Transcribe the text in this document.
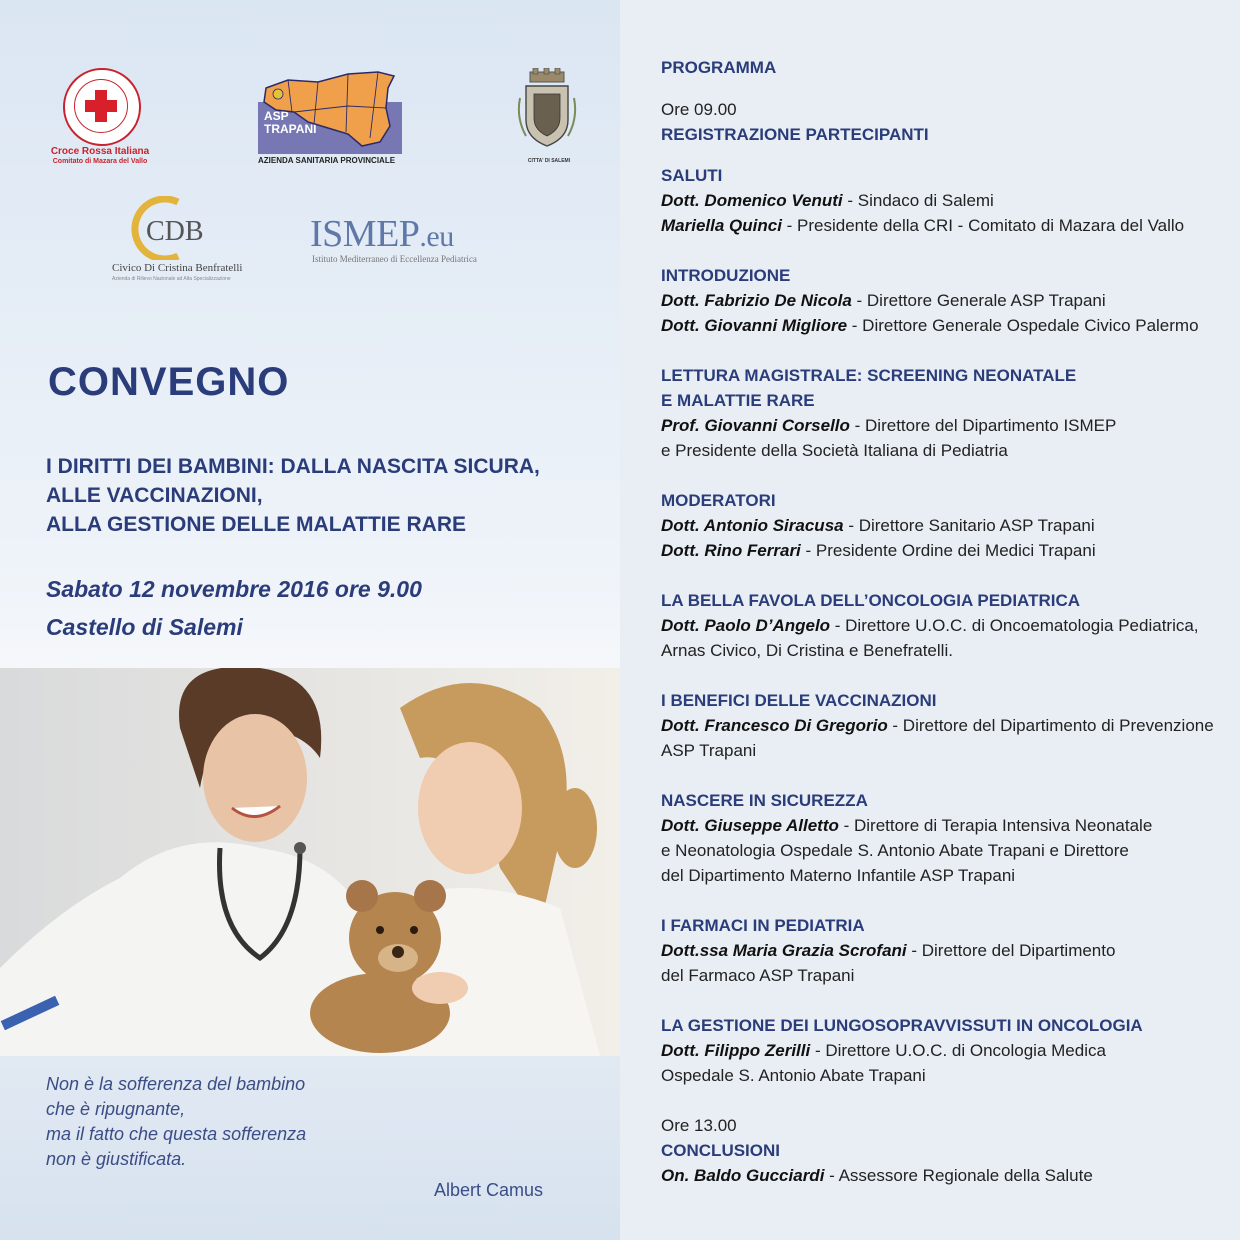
Croce Rossa Italiana
Comitato di Mazara del Vallo
ASP
TRAPANI
AZIENDA SANITARIA PROVINCIALE	CITTA' DI SALEMI
CDB
Civico Di Cristina Benfratelli
Azienda di Rilievo Nazionale ad Alta Specializzazione
ISMEP.eu
Istituto Mediterraneo di Eccellenza Pediatrica
CONVEGNO
I DIRITTI DEI BAMBINI: DALLA NASCITA SICURA,
ALLE VACCINAZIONI,
ALLA GESTIONE DELLE MALATTIE RARE
Sabato 12 novembre 2016 ore 9.00
Castello di Salemi
Non è la sofferenza del bambino
che è ripugnante,
ma il fatto che questa sofferenza
non è giustificata.
Albert Camus
PROGRAMMA
Ore 09.00
REGISTRAZIONE PARTECIPANTI
SALUTI
Dott. Domenico Venuti - Sindaco di Salemi
Mariella Quinci - Presidente della CRI - Comitato di Mazara del Vallo
INTRODUZIONE
Dott. Fabrizio De Nicola - Direttore Generale ASP Trapani
Dott. Giovanni Migliore - Direttore Generale Ospedale Civico Palermo
LETTURA MAGISTRALE: SCREENING NEONATALE
E MALATTIE RARE
Prof. Giovanni Corsello - Direttore del Dipartimento ISMEP
e Presidente della Società Italiana di Pediatria
MODERATORI
Dott. Antonio Siracusa - Direttore Sanitario ASP Trapani
Dott. Rino Ferrari - Presidente Ordine dei Medici Trapani
LA BELLA FAVOLA DELL’ONCOLOGIA PEDIATRICA
Dott. Paolo D’Angelo - Direttore U.O.C. di Oncoematologia Pediatrica,
Arnas Civico, Di Cristina e Benefratelli.
I BENEFICI DELLE VACCINAZIONI
Dott. Francesco Di Gregorio - Direttore del Dipartimento di Prevenzione
ASP Trapani
NASCERE IN SICUREZZA
Dott. Giuseppe Alletto - Direttore di Terapia Intensiva Neonatale
e Neonatologia Ospedale S. Antonio Abate Trapani e Direttore
del Dipartimento Materno Infantile ASP Trapani
I FARMACI IN PEDIATRIA
Dott.ssa Maria Grazia Scrofani - Direttore del Dipartimento
del Farmaco ASP Trapani
LA GESTIONE DEI LUNGOSOPRAVVISSUTI IN ONCOLOGIA
Dott. Filippo Zerilli - Direttore U.O.C. di Oncologia Medica
Ospedale S. Antonio Abate Trapani
Ore 13.00
CONCLUSIONI
On. Baldo Gucciardi - Assessore Regionale della Salute
